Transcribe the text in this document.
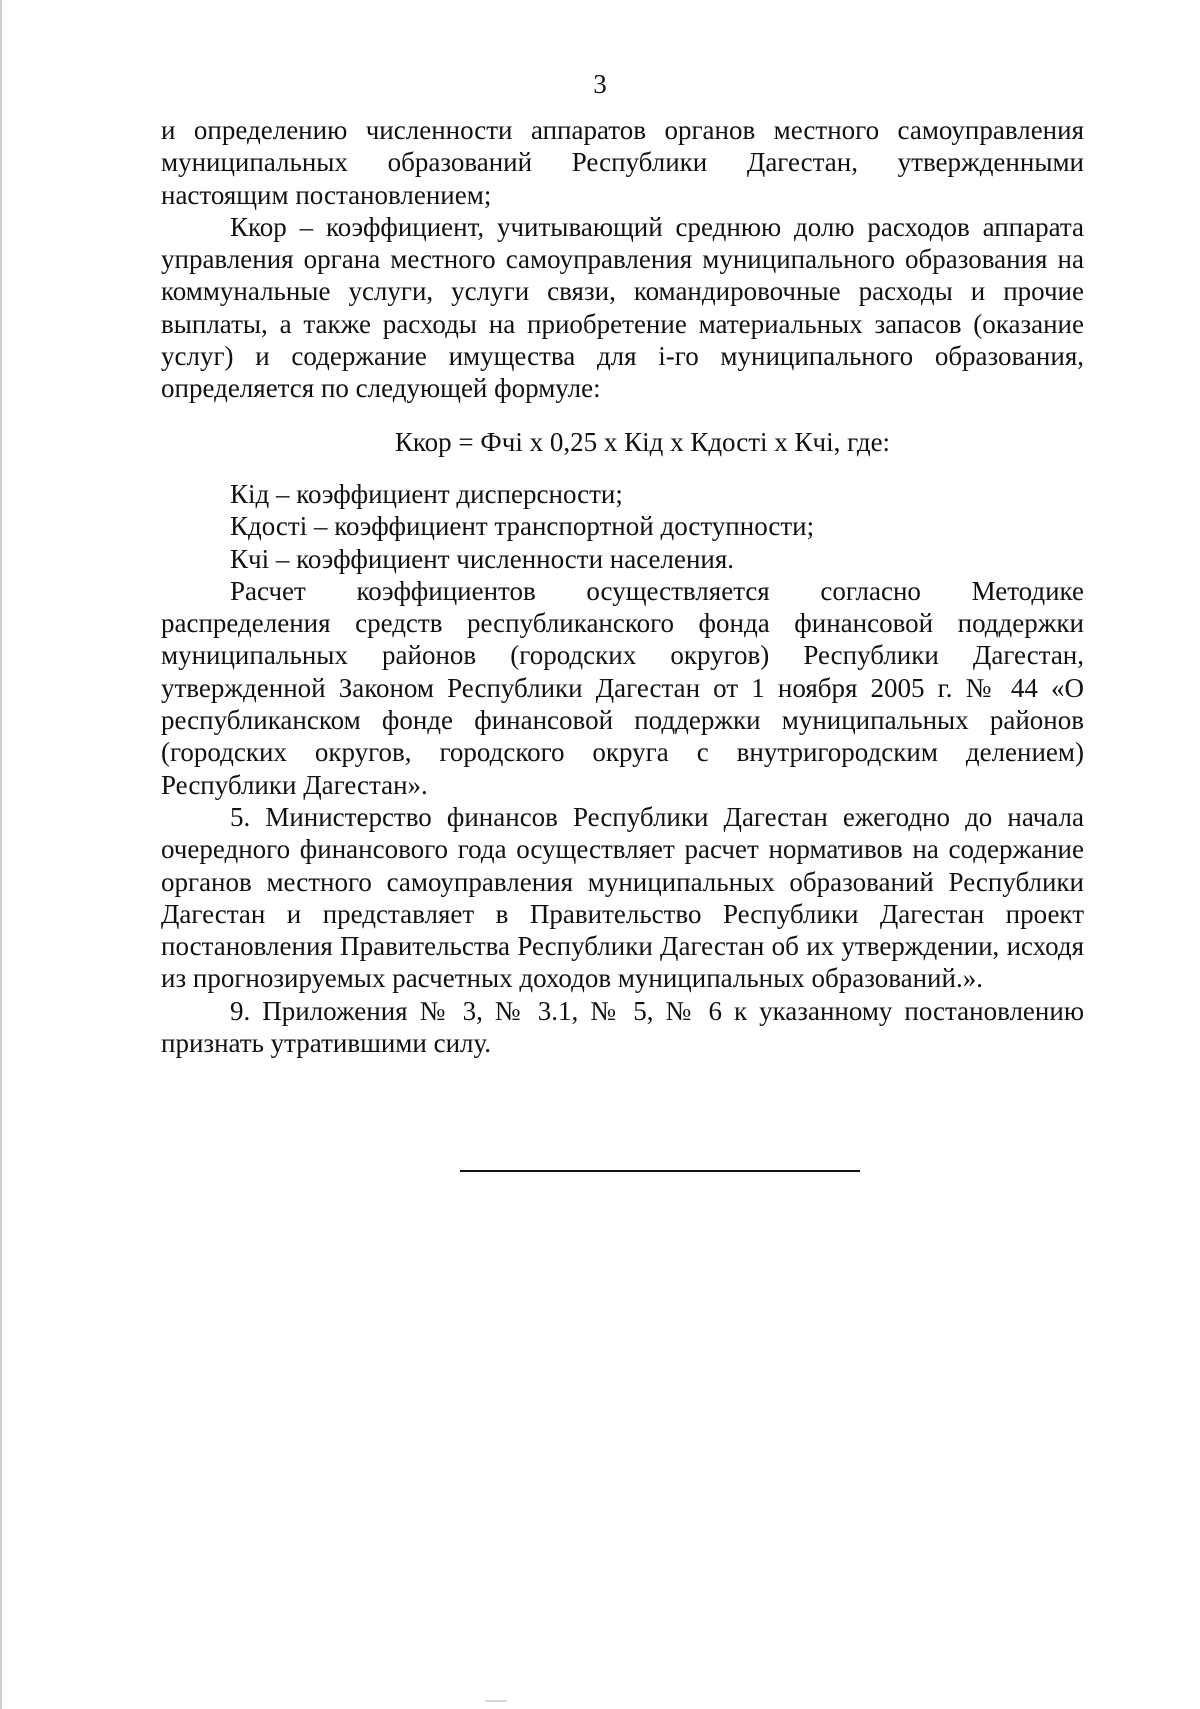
3

и определению численности аппаратов органов местного самоуправления муниципальных образований Республики Дагестан, утвержденными настоящим постановлением;

Ккор – коэффициент, учитывающий среднюю долю расходов аппарата управления органа местного самоуправления муниципального образования на коммунальные услуги, услуги связи, командировочные расходы и прочие выплаты, а также расходы на приобретение материальных запасов (оказание услуг) и содержание имущества для i-го муниципального образования, определяется по следующей формуле:

Ккор = Фчі х 0,25 х Кід х Кдості х Кчі, где:

Кід – коэффициент дисперсности;

Кдості – коэффициент транспортной доступности;

Кчі – коэффициент численности населения.

Расчет коэффициентов осуществляется согласно Методике распределения средств республиканского фонда финансовой поддержки муниципальных районов (городских округов) Республики Дагестан, утвержденной Законом Республики Дагестан от 1 ноября 2005 г. № 44 «О республиканском фонде финансовой поддержки муниципальных районов (городских округов, городского округа с внутригородским делением) Республики Дагестан».

5. Министерство финансов Республики Дагестан ежегодно до начала очередного финансового года осуществляет расчет нормативов на содержание органов местного самоуправления муниципальных образований Республики Дагестан и представляет в Правительство Республики Дагестан проект постановления Правительства Республики Дагестан об их утверждении, исходя из прогнозируемых расчетных доходов муниципальных образований.».

9. Приложения № 3, № 3.1, № 5, № 6 к указанному постановлению признать утратившими силу.
